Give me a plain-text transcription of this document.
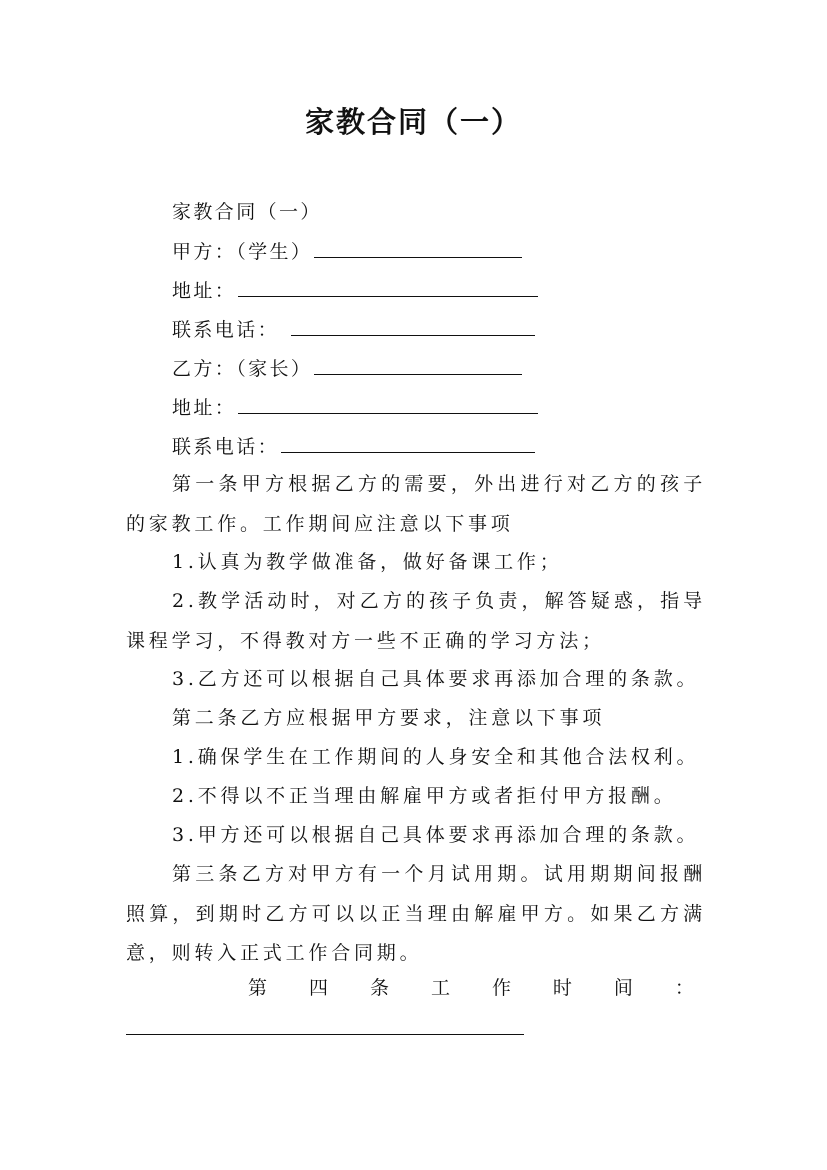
家教合同（一）
家教合同（一）
甲方：（学生）
地址：
联系电话：
乙方：（家长）
地址：
联系电话：
第一条甲方根据乙方的需要，外出进行对乙方的孩子的家教工作。工作期间应注意以下事项
1.认真为教学做准备，做好备课工作；
2.教学活动时，对乙方的孩子负责，解答疑惑，指导课程学习，不得教对方一些不正确的学习方法；
3.乙方还可以根据自己具体要求再添加合理的条款。
第二条乙方应根据甲方要求，注意以下事项
1.确保学生在工作期间的人身安全和其他合法权利。
2.不得以不正当理由解雇甲方或者拒付甲方报酬。
3.甲方还可以根据自己具体要求再添加合理的条款。
第三条乙方对甲方有一个月试用期。试用期期间报酬照算，到期时乙方可以以正当理由解雇甲方。如果乙方满意，则转入正式工作合同期。
第 四 条 工 作 时 间 ：
